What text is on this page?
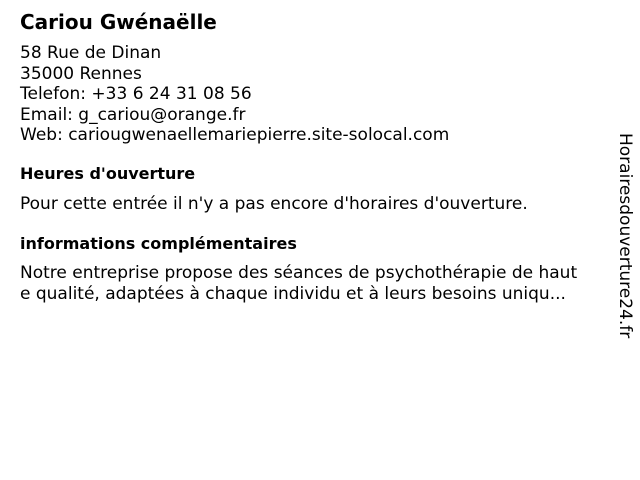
Cariou Gwénaëlle
58 Rue de Dinan
35000 Rennes
Telefon: +33 6 24 31 08 56
Email: g_cariou@orange.fr
Web: cariougwenaellemariepierre.site-solocal.com
Heures d'ouverture
Pour cette entrée il n'y a pas encore d'horaires d'ouverture.
informations complémentaires
Notre entreprise propose des séances de psychothérapie de haut
e qualité, adaptées à chaque individu et à leurs besoins uniqu...	Horairesdouverture24.fr
